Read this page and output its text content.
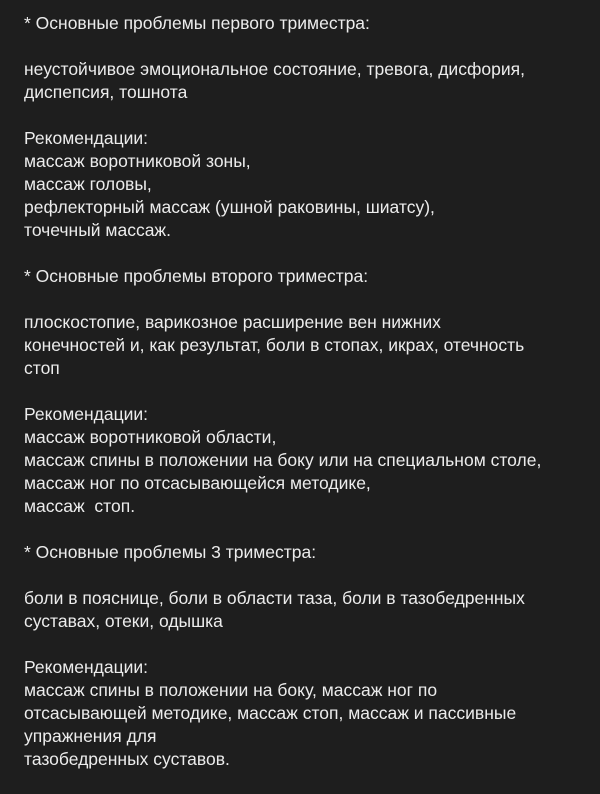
* Основные проблемы первого триместра:
неустойчивое эмоциональное состояние, тревога, дисфория,
диспепсия, тошнота
Рекомендации:
массаж воротниковой зоны,
массаж головы,
рефлекторный массаж (ушной раковины, шиатсу),
точечный массаж.
* Основные проблемы второго триместра:
плоскостопие, варикозное расширение вен нижних
конечностей и, как результат, боли в стопах, икрах, отечность
стоп
Рекомендации:
массаж воротниковой области,
массаж спины в положении на боку или на специальном столе,
массаж ног по отсасывающейся методике,
массаж  стоп.
* Основные проблемы 3 триместра:
боли в пояснице, боли в области таза, боли в тазобедренных
суставах, отеки, одышка
Рекомендации:
массаж спины в положении на боку, массаж ног по
отсасывающей методике, массаж стоп, массаж и пассивные
упражнения для
тазобедренных суставов.
